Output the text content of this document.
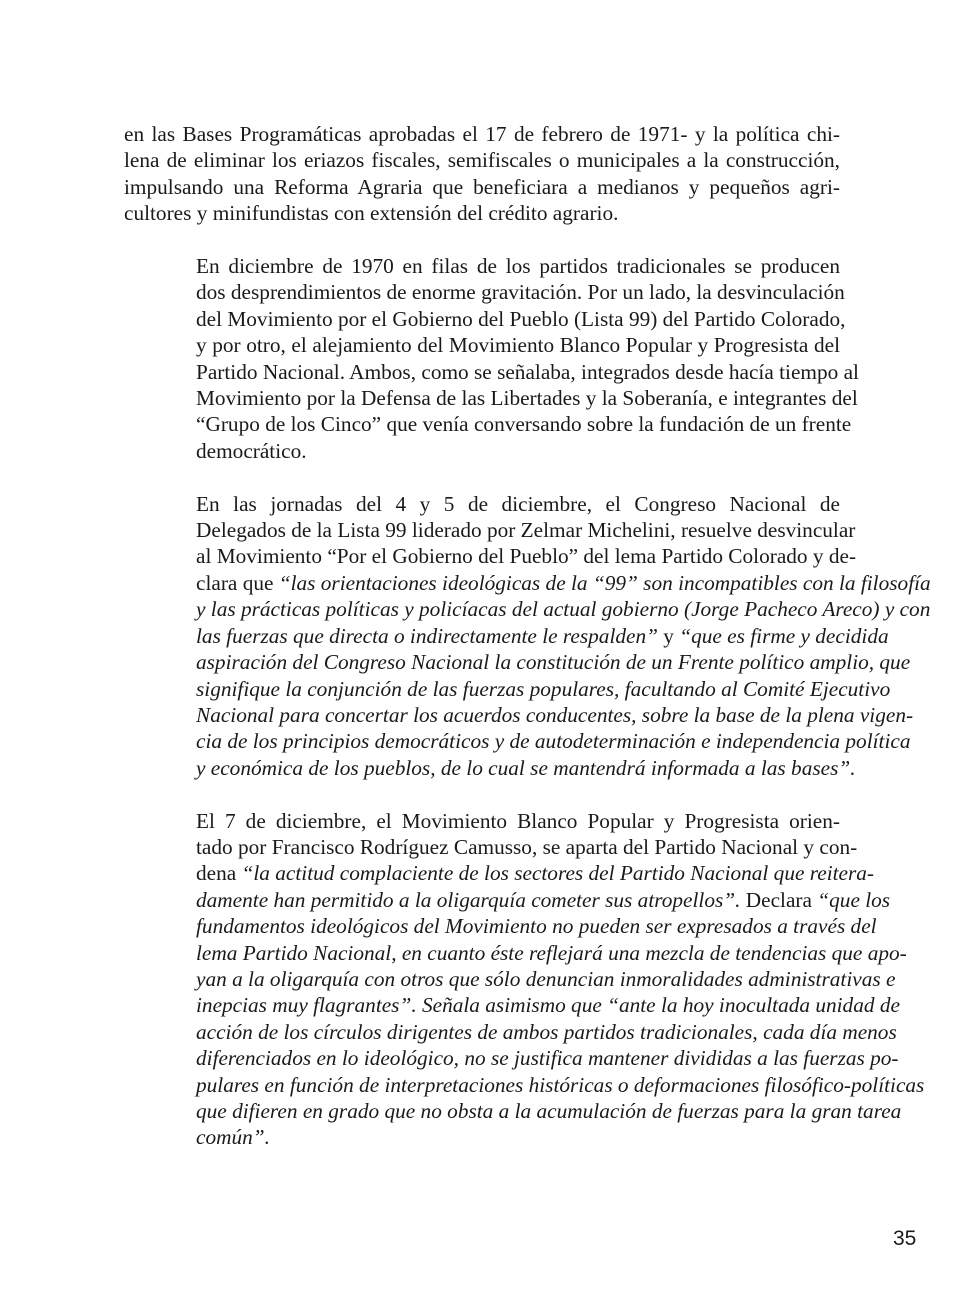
en las Bases Programáticas aprobadas el 17 de febrero de 1971- y la política chi-
lena de eliminar los eriazos fiscales, semifiscales o municipales a la construcción,
impulsando una Reforma Agraria que beneficiara a medianos y pequeños agri-
cultores y minifundistas con extensión del crédito agrario.

En diciembre de 1970 en filas de los partidos tradicionales se producen
dos desprendimientos de enorme gravitación. Por un lado, la desvinculación
del Movimiento por el Gobierno del Pueblo (Lista 99) del Partido Colorado,
y por otro, el alejamiento del Movimiento Blanco Popular y Progresista del
Partido Nacional. Ambos, como se señalaba, integrados desde hacía tiempo al
Movimiento por la Defensa de las Libertades y la Soberanía, e integrantes del
“Grupo de los Cinco” que venía conversando sobre la fundación de un frente
democrático.

En las jornadas del 4 y 5 de diciembre, el Congreso Nacional de
Delegados de la Lista 99 liderado por Zelmar Michelini, resuelve desvincular
al Movimiento “Por el Gobierno del Pueblo” del lema Partido Colorado y de-
clara que “las orientaciones ideológicas de la “99” son incompatibles con la filosofía
y las prácticas políticas y policíacas del actual gobierno (Jorge Pacheco Areco) y con
las fuerzas que directa o indirectamente le respalden” y “que es firme y decidida
aspiración del Congreso Nacional la constitución de un Frente político amplio, que
signifique la conjunción de las fuerzas populares, facultando al Comité Ejecutivo
Nacional para concertar los acuerdos conducentes, sobre la base de la plena vigen-
cia de los principios democráticos y de autodeterminación e independencia política
y económica de los pueblos, de lo cual se mantendrá informada a las bases”.

El 7 de diciembre, el Movimiento Blanco Popular y Progresista orien-
tado por Francisco Rodríguez Camusso, se aparta del Partido Nacional y con-
dena “la actitud complaciente de los sectores del Partido Nacional que reitera-
damente han permitido a la oligarquía cometer sus atropellos”. Declara “que los
fundamentos ideológicos del Movimiento no pueden ser expresados a través del
lema Partido Nacional, en cuanto éste reflejará una mezcla de tendencias que apo-
yan a la oligarquía con otros que sólo denuncian inmoralidades administrativas e
inepcias muy flagrantes”. Señala asimismo que “ante la hoy inocultada unidad de
acción de los círculos dirigentes de ambos partidos tradicionales, cada día menos
diferenciados en lo ideológico, no se justifica mantener divididas a las fuerzas po-
pulares en función de interpretaciones históricas o deformaciones filosófico-políticas
que difieren en grado que no obsta a la acumulación de fuerzas para la gran tarea
común”.

35
